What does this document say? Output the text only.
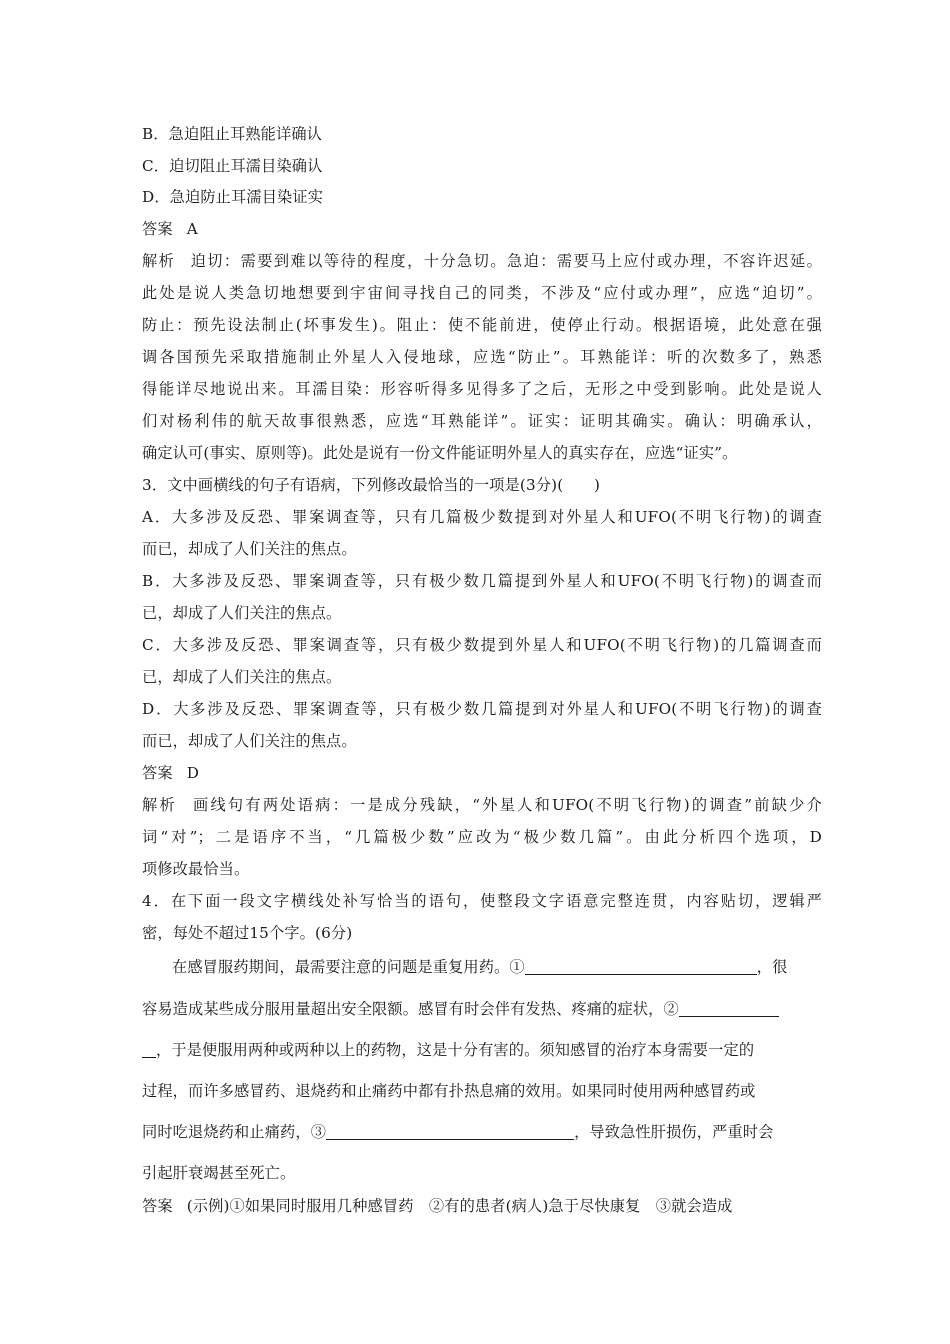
B．急迫阻止耳熟能详确认
C．迫切阻止耳濡目染确认
D．急迫防止耳濡目染证实
答案 A
解析 迫切：需要到难以等待的程度，十分急切。急迫：需要马上应付或办理，不容许迟延。
此处是说人类急切地想要到宇宙间寻找自己的同类，不涉及“应付或办理”，应选“迫切”。
防止：预先设法制止(坏事发生)。阻止：使不能前进，使停止行动。根据语境，此处意在强
调各国预先采取措施制止外星人入侵地球，应选“防止”。耳熟能详：听的次数多了，熟悉
得能详尽地说出来。耳濡目染：形容听得多见得多了之后，无形之中受到影响。此处是说人
们对杨利伟的航天故事很熟悉，应选“耳熟能详”。证实：证明其确实。确认：明确承认，
确定认可(事实、原则等)。此处是说有一份文件能证明外星人的真实存在，应选“证实”。
3．文中画横线的句子有语病，下列修改最恰当的一项是(3分)(　　)
A．大多涉及反恐、罪案调查等，只有几篇极少数提到对外星人和UFO(不明飞行物)的调查
而已，却成了人们关注的焦点。
B．大多涉及反恐、罪案调查等，只有极少数几篇提到外星人和UFO(不明飞行物)的调查而
已，却成了人们关注的焦点。
C．大多涉及反恐、罪案调查等，只有极少数提到外星人和UFO(不明飞行物)的几篇调查而
已，却成了人们关注的焦点。
D．大多涉及反恐、罪案调查等，只有极少数几篇提到对外星人和UFO(不明飞行物)的调查
而已，却成了人们关注的焦点。
答案 D
解析 画线句有两处语病：一是成分残缺，“外星人和UFO(不明飞行物)的调查”前缺少介
词“对”；二是语序不当，“几篇极少数”应改为“极少数几篇”。由此分析四个选项，D
项修改最恰当。
4．在下面一段文字横线处补写恰当的语句，使整段文字语意完整连贯，内容贴切，逻辑严
密，每处不超过15个字。(6分)
在感冒服药期间，最需要注意的问题是重复用药。①	，很
容易造成某些成分服用量超出安全限额。感冒有时会伴有发热、疼痛的症状，②
，于是便服用两种或两种以上的药物，这是十分有害的。须知感冒的治疗本身需要一定的
过程，而许多感冒药、退烧药和止痛药中都有扑热息痛的效用。如果同时使用两种感冒药或
同时吃退烧药和止痛药，③	，导致急性肝损伤，严重时会
引起肝衰竭甚至死亡。
答案 (示例)①如果同时服用几种感冒药　②有的患者(病人)急于尽快康复　③就会造成
